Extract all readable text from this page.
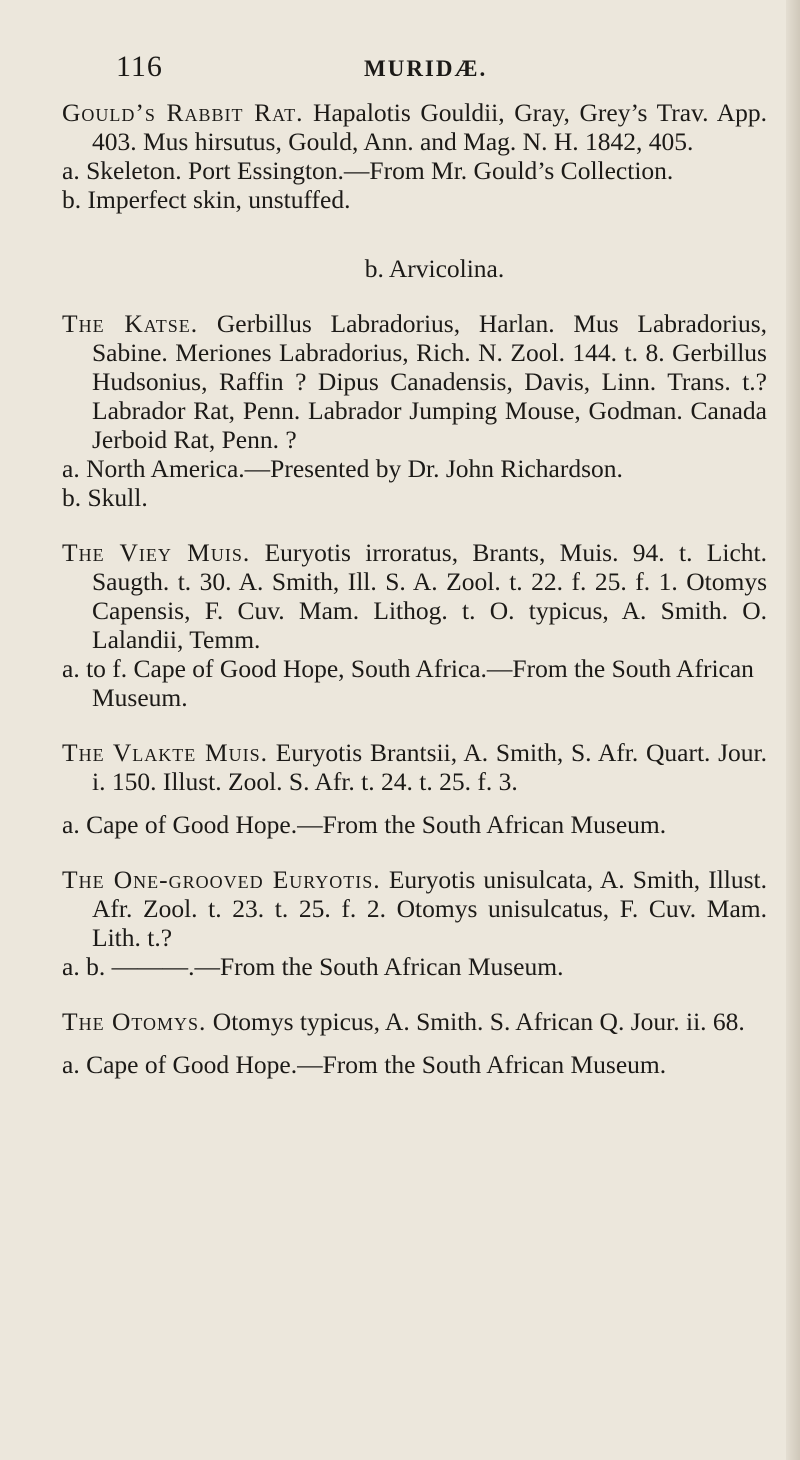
116	MURIDÆ.

Gould’s Rabbit Rat. Hapalotis Gouldii, Gray, Grey’s Trav. App. 403. Mus hirsutus, Gould, Ann. and Mag. N. H. 1842, 405.

a. Skeleton. Port Essington.—From Mr. Gould’s Collection.

b. Imperfect skin, unstuffed.

b. Arvicolina.

The Katse. Gerbillus Labradorius, Harlan. Mus Labradorius, Sabine. Meriones Labradorius, Rich. N. Zool. 144. t. 8. Gerbillus Hudsonius, Raffin ? Dipus Canadensis, Davis, Linn. Trans. t.? Labrador Rat, Penn. Labrador Jumping Mouse, Godman. Canada Jerboid Rat, Penn. ?

a. North America.—Presented by Dr. John Richardson.

b. Skull.

The Viey Muis. Euryotis irroratus, Brants, Muis. 94. t. Licht. Saugth. t. 30. A. Smith, Ill. S. A. Zool. t. 22. f. 25. f. 1. Otomys Capensis, F. Cuv. Mam. Lithog. t. O. typicus, A. Smith. O. Lalandii, Temm.

a. to f. Cape of Good Hope, South Africa.—From the South African Museum.

The Vlakte Muis. Euryotis Brantsii, A. Smith, S. Afr. Quart. Jour. i. 150. Illust. Zool. S. Afr. t. 24. t. 25. f. 3.

a. Cape of Good Hope.—From the South African Museum.

The One-grooved Euryotis. Euryotis unisulcata, A. Smith, Illust. Afr. Zool. t. 23. t. 25. f. 2. Otomys unisulcatus, F. Cuv. Mam. Lith. t.?

a. b. ———.—From the South African Museum.

The Otomys. Otomys typicus, A. Smith. S. African Q. Jour. ii. 68.

a. Cape of Good Hope.—From the South African Museum.
